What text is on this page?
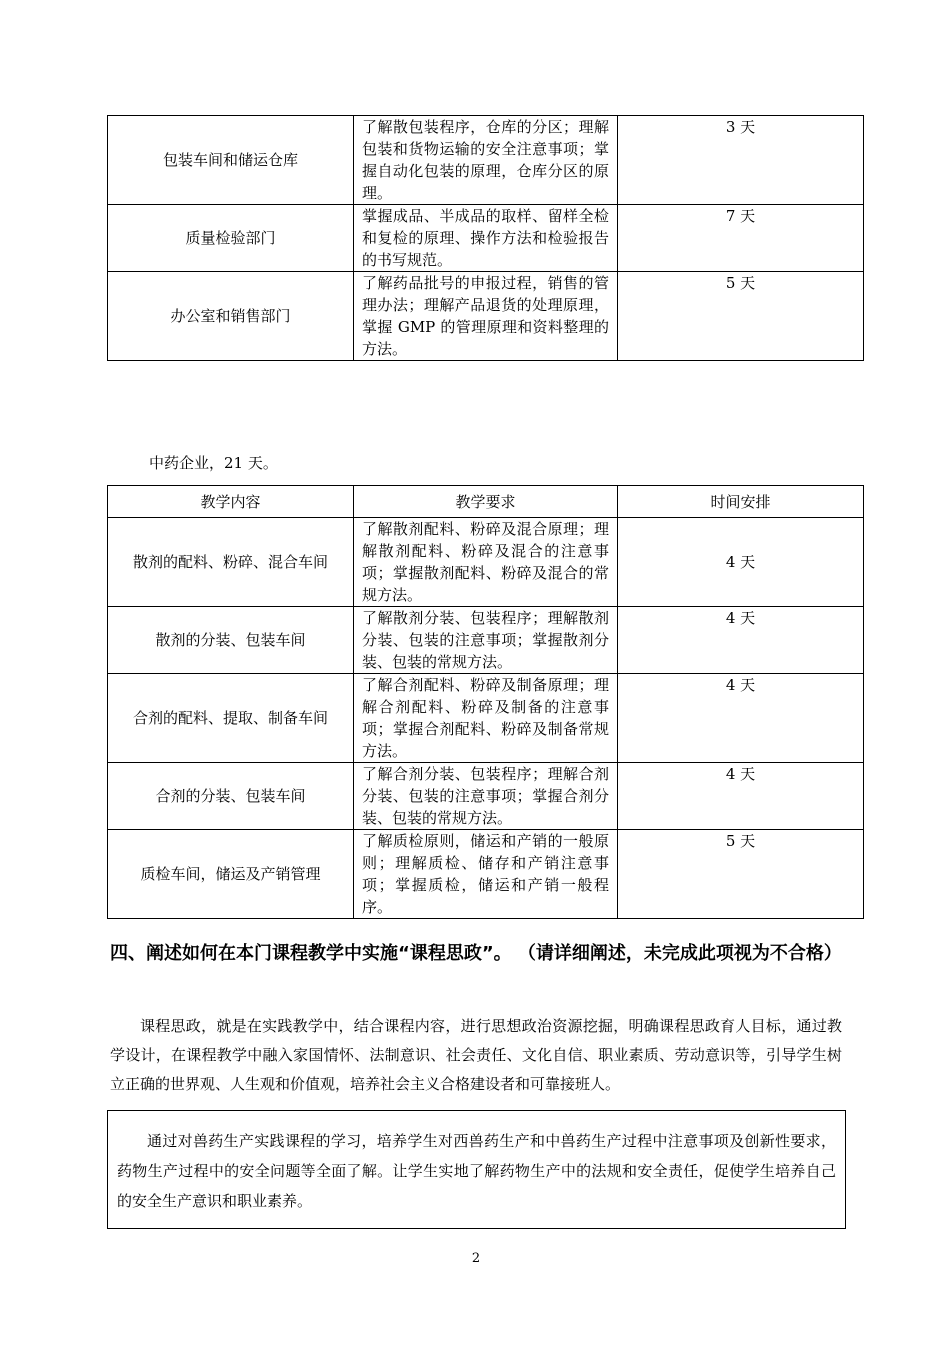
包装车间和储运仓库	了解散包装程序，仓库的分区；理解包装和货物运输的安全注意事项；掌握自动化包装的原理，仓库分区的原理。	3 天
质量检验部门	掌握成品、半成品的取样、留样全检和复检的原理、操作方法和检验报告的书写规范。	7 天
办公室和销售部门	了解药品批号的申报过程，销售的管理办法；理解产品退货的处理原理，掌握 GMP 的管理原理和资料整理的方法。	5 天
中药企业，21 天。
教学内容	教学要求	时间安排
散剂的配料、粉碎、混合车间	了解散剂配料、粉碎及混合原理；理解散剂配料、粉碎及混合的注意事项；掌握散剂配料、粉碎及混合的常规方法。	4 天
散剂的分装、包装车间	了解散剂分装、包装程序；理解散剂分装、包装的注意事项；掌握散剂分装、包装的常规方法。	4 天
合剂的配料、提取、制备车间	了解合剂配料、粉碎及制备原理；理解合剂配料、粉碎及制备的注意事项；掌握合剂配料、粉碎及制备常规方法。	4 天
合剂的分装、包装车间	了解合剂分装、包装程序；理解合剂分装、包装的注意事项；掌握合剂分装、包装的常规方法。	4 天
质检车间，储运及产销管理	了解质检原则，储运和产销的一般原则；理解质检、储存和产销注意事项；掌握质检，储运和产销一般程序。	5 天
四、阐述如何在本门课程教学中实施“课程思政”。 （请详细阐述，未完成此项视为不合格）
课程思政，就是在实践教学中，结合课程内容，进行思想政治资源挖掘，明确课程思政育人目标，通过教学设计，在课程教学中融入家国情怀、法制意识、社会责任、文化自信、职业素质、劳动意识等，引导学生树立正确的世界观、人生观和价值观，培养社会主义合格建设者和可靠接班人。

通过对兽药生产实践课程的学习，培养学生对西兽药生产和中兽药生产过程中注意事项及创新性要求，药物生产过程中的安全问题等全面了解。让学生实地了解药物生产中的法规和安全责任，促使学生培养自己的安全生产意识和职业素养。

2
